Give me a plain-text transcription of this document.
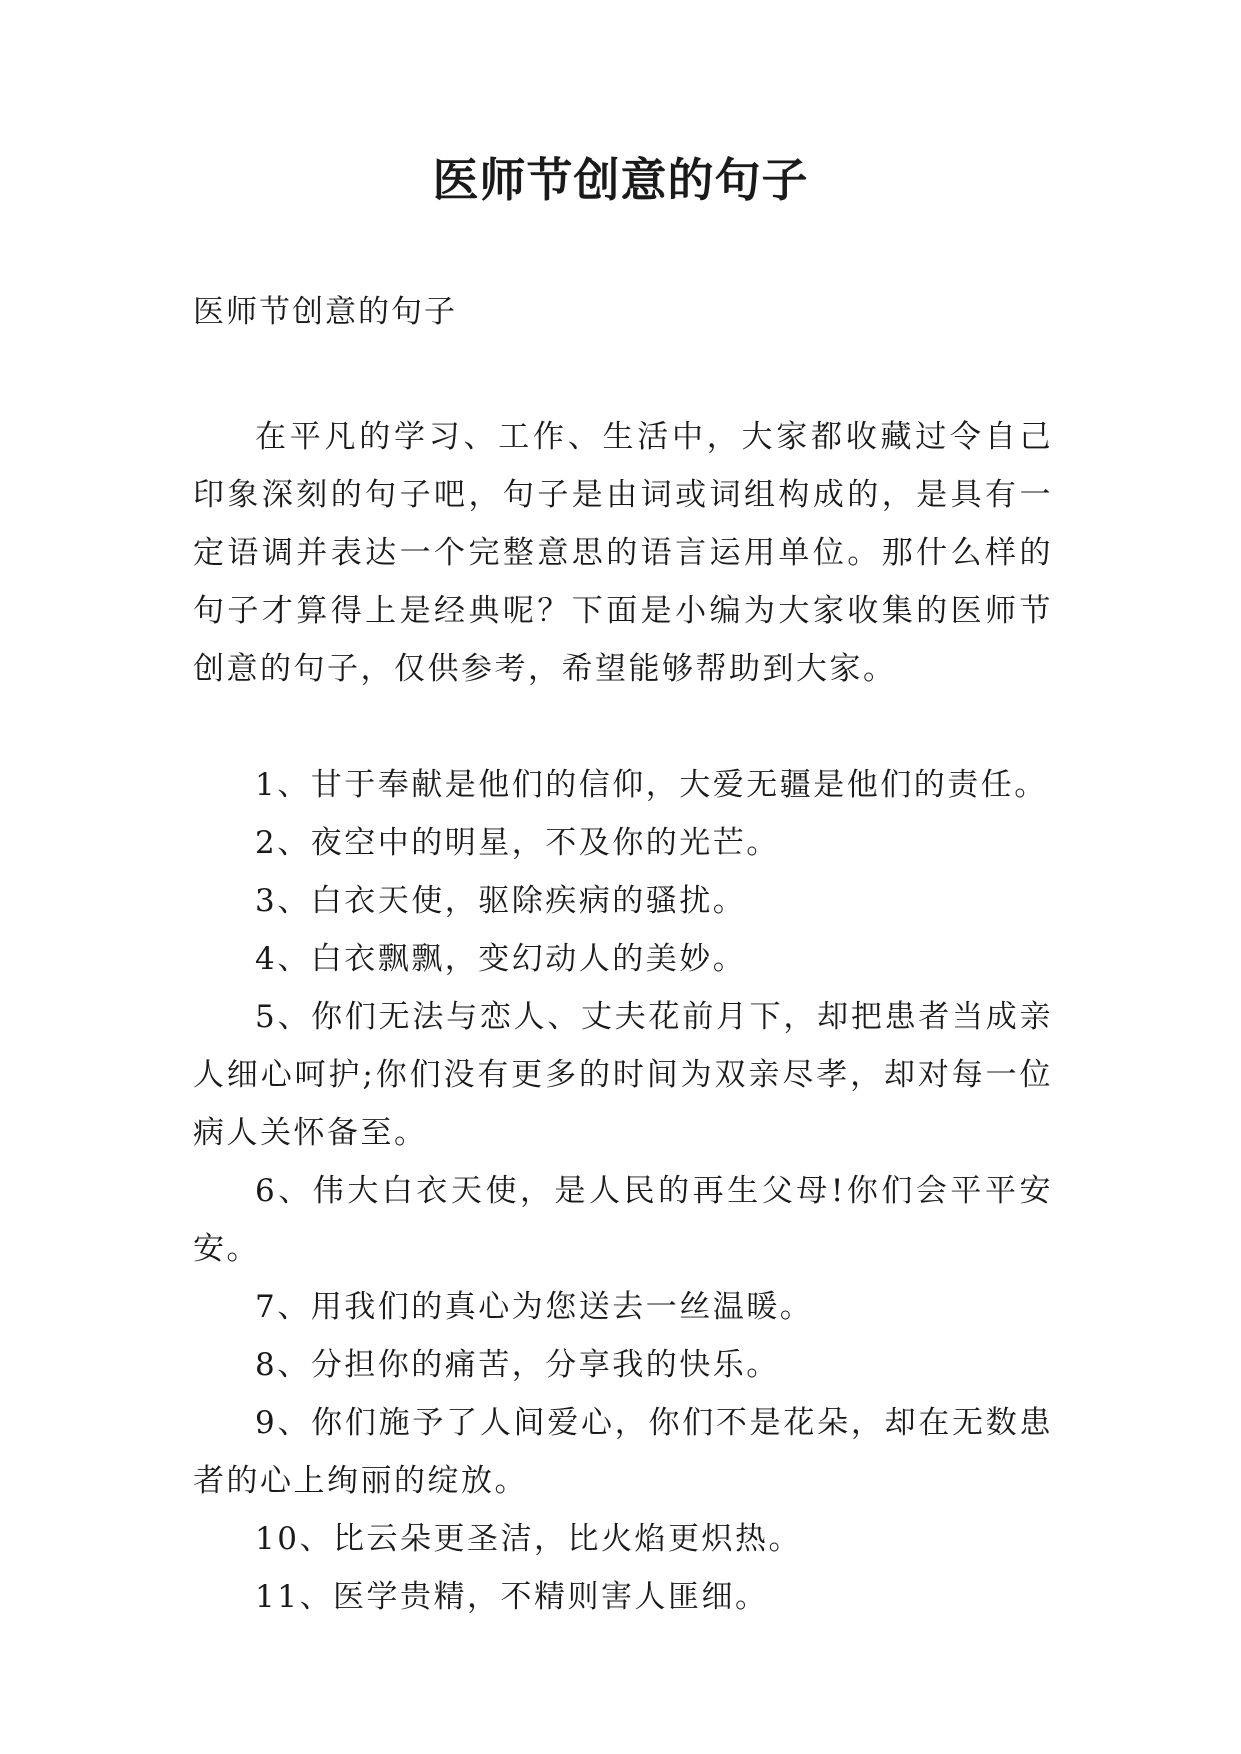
医师节创意的句子
医师节创意的句子

在平凡的学习、工作、生活中，大家都收藏过令自己印象深刻的句子吧，句子是由词或词组构成的，是具有一定语调并表达一个完整意思的语言运用单位。那什么样的句子才算得上是经典呢？下面是小编为大家收集的医师节创意的句子，仅供参考，希望能够帮助到大家。

1、甘于奉献是他们的信仰，大爱无疆是他们的责任。

2、夜空中的明星，不及你的光芒。

3、白衣天使，驱除疾病的骚扰。

4、白衣飘飘，变幻动人的美妙。

5、你们无法与恋人、丈夫花前月下，却把患者当成亲人细心呵护;你们没有更多的时间为双亲尽孝，却对每一位病人关怀备至。

6、伟大白衣天使，是人民的再生父母!你们会平平安安。

7、用我们的真心为您送去一丝温暖。

8、分担你的痛苦，分享我的快乐。

9、你们施予了人间爱心，你们不是花朵，却在无数患者的心上绚丽的绽放。

10、比云朵更圣洁，比火焰更炽热。

11、医学贵精，不精则害人匪细。
